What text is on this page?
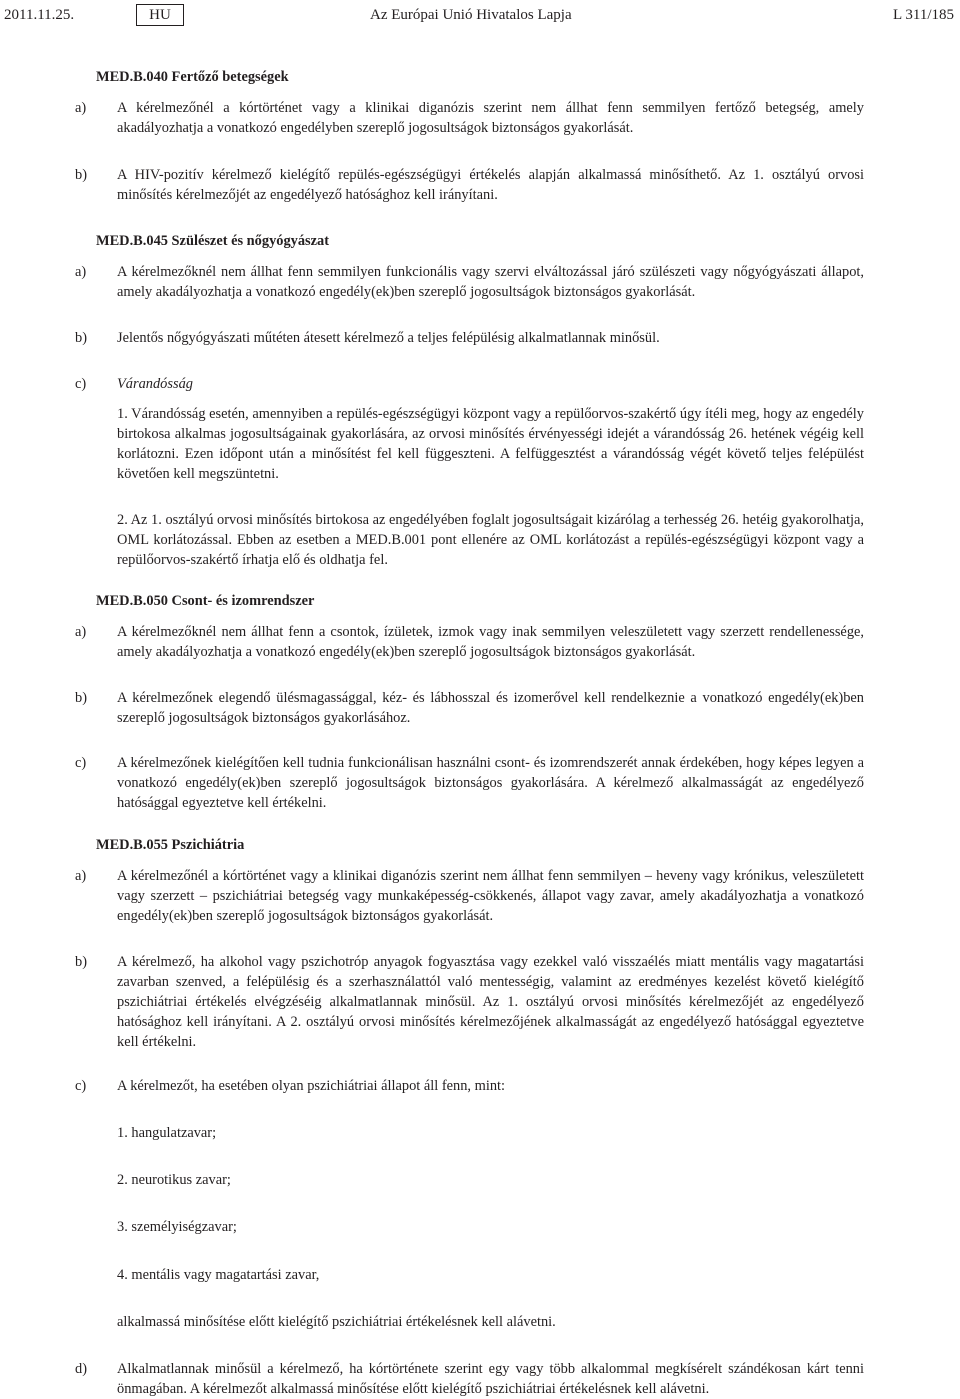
2011.11.25.	HU	Az Európai Unió Hivatalos Lapja	L 311/185
MED.B.040 Fertőző betegségek

a) A kérelmezőnél a kórtörténet vagy a klinikai diganózis szerint nem állhat fenn semmilyen fertőző betegség, amely akadályozhatja a vonatkozó engedélyben szereplő jogosultságok biztonságos gyakorlását.

b) A HIV-pozitív kérelmező kielégítő repülés-egészségügyi értékelés alapján alkalmassá minősíthető. Az 1. osztályú orvosi minősítés kérelmezőjét az engedélyező hatósághoz kell irányítani.

MED.B.045 Szülészet és nőgyógyászat

a) A kérelmezőknél nem állhat fenn semmilyen funkcionális vagy szervi elváltozással járó szülészeti vagy nőgyógyászati állapot, amely akadályozhatja a vonatkozó engedély(ek)ben szereplő jogosultságok biztonságos gyakorlását.

b) Jelentős nőgyógyászati műtéten átesett kérelmező a teljes felépülésig alkalmatlannak minősül.

c) Várandósság

1. Várandósság esetén, amennyiben a repülés-egészségügyi központ vagy a repülőorvos-szakértő úgy ítéli meg, hogy az engedély birtokosa alkalmas jogosultságainak gyakorlására, az orvosi minősítés érvényességi idejét a várandósság 26. hetének végéig kell korlátozni. Ezen időpont után a minősítést fel kell függeszteni. A felfüggesztést a várandósság végét követő teljes felépülést követően kell megszüntetni.

2. Az 1. osztályú orvosi minősítés birtokosa az engedélyében foglalt jogosultságait kizárólag a terhesség 26. hetéig gyakorolhatja, OML korlátozással. Ebben az esetben a MED.B.001 pont ellenére az OML korlátozást a repülés-egészségügyi központ vagy a repülőorvos-szakértő írhatja elő és oldhatja fel.

MED.B.050 Csont- és izomrendszer

a) A kérelmezőknél nem állhat fenn a csontok, ízületek, izmok vagy inak semmilyen veleszületett vagy szerzett rendellenessége, amely akadályozhatja a vonatkozó engedély(ek)ben szereplő jogosultságok biztonságos gyakorlását.

b) A kérelmezőnek elegendő ülésmagassággal, kéz- és lábhosszal és izomerővel kell rendelkeznie a vonatkozó engedély(ek)ben szereplő jogosultságok biztonságos gyakorlásához.

c) A kérelmezőnek kielégítően kell tudnia funkcionálisan használni csont- és izomrendszerét annak érdekében, hogy képes legyen a vonatkozó engedély(ek)ben szereplő jogosultságok biztonságos gyakorlására. A kérelmező alkalmasságát az engedélyező hatósággal egyeztetve kell értékelni.

MED.B.055 Pszichiátria

a) A kérelmezőnél a kórtörténet vagy a klinikai diganózis szerint nem állhat fenn semmilyen – heveny vagy krónikus, veleszületett vagy szerzett – pszichiátriai betegség vagy munkaképesség-csökkenés, állapot vagy zavar, amely akadályozhatja a vonatkozó engedély(ek)ben szereplő jogosultságok biztonságos gyakorlását.

b) A kérelmező, ha alkohol vagy pszichotróp anyagok fogyasztása vagy ezekkel való visszaélés miatt mentális vagy magatartási zavarban szenved, a felépülésig és a szerhasználattól való mentességig, valamint az eredményes kezelést követő kielégítő pszichiátriai értékelés elvégzéséig alkalmatlannak minősül. Az 1. osztályú orvosi minősítés kérelmezőjét az engedélyező hatósághoz kell irányítani. A 2. osztályú orvosi minősítés kérelmezőjének alkalmasságát az engedélyező hatósággal egyeztetve kell értékelni.

c) A kérelmezőt, ha esetében olyan pszichiátriai állapot áll fenn, mint:

1. hangulatzavar;
2. neurotikus zavar;
3. személyiségzavar;
4. mentális vagy magatartási zavar,
alkalmassá minősítése előtt kielégítő pszichiátriai értékelésnek kell alávetni.

d) Alkalmatlannak minősül a kérelmező, ha kórtörténete szerint egy vagy több alkalommal megkísérelt szándékosan kárt tenni önmagában. A kérelmezőt alkalmassá minősítése előtt kielégítő pszichiátriai értékelésnek kell alávetni.
